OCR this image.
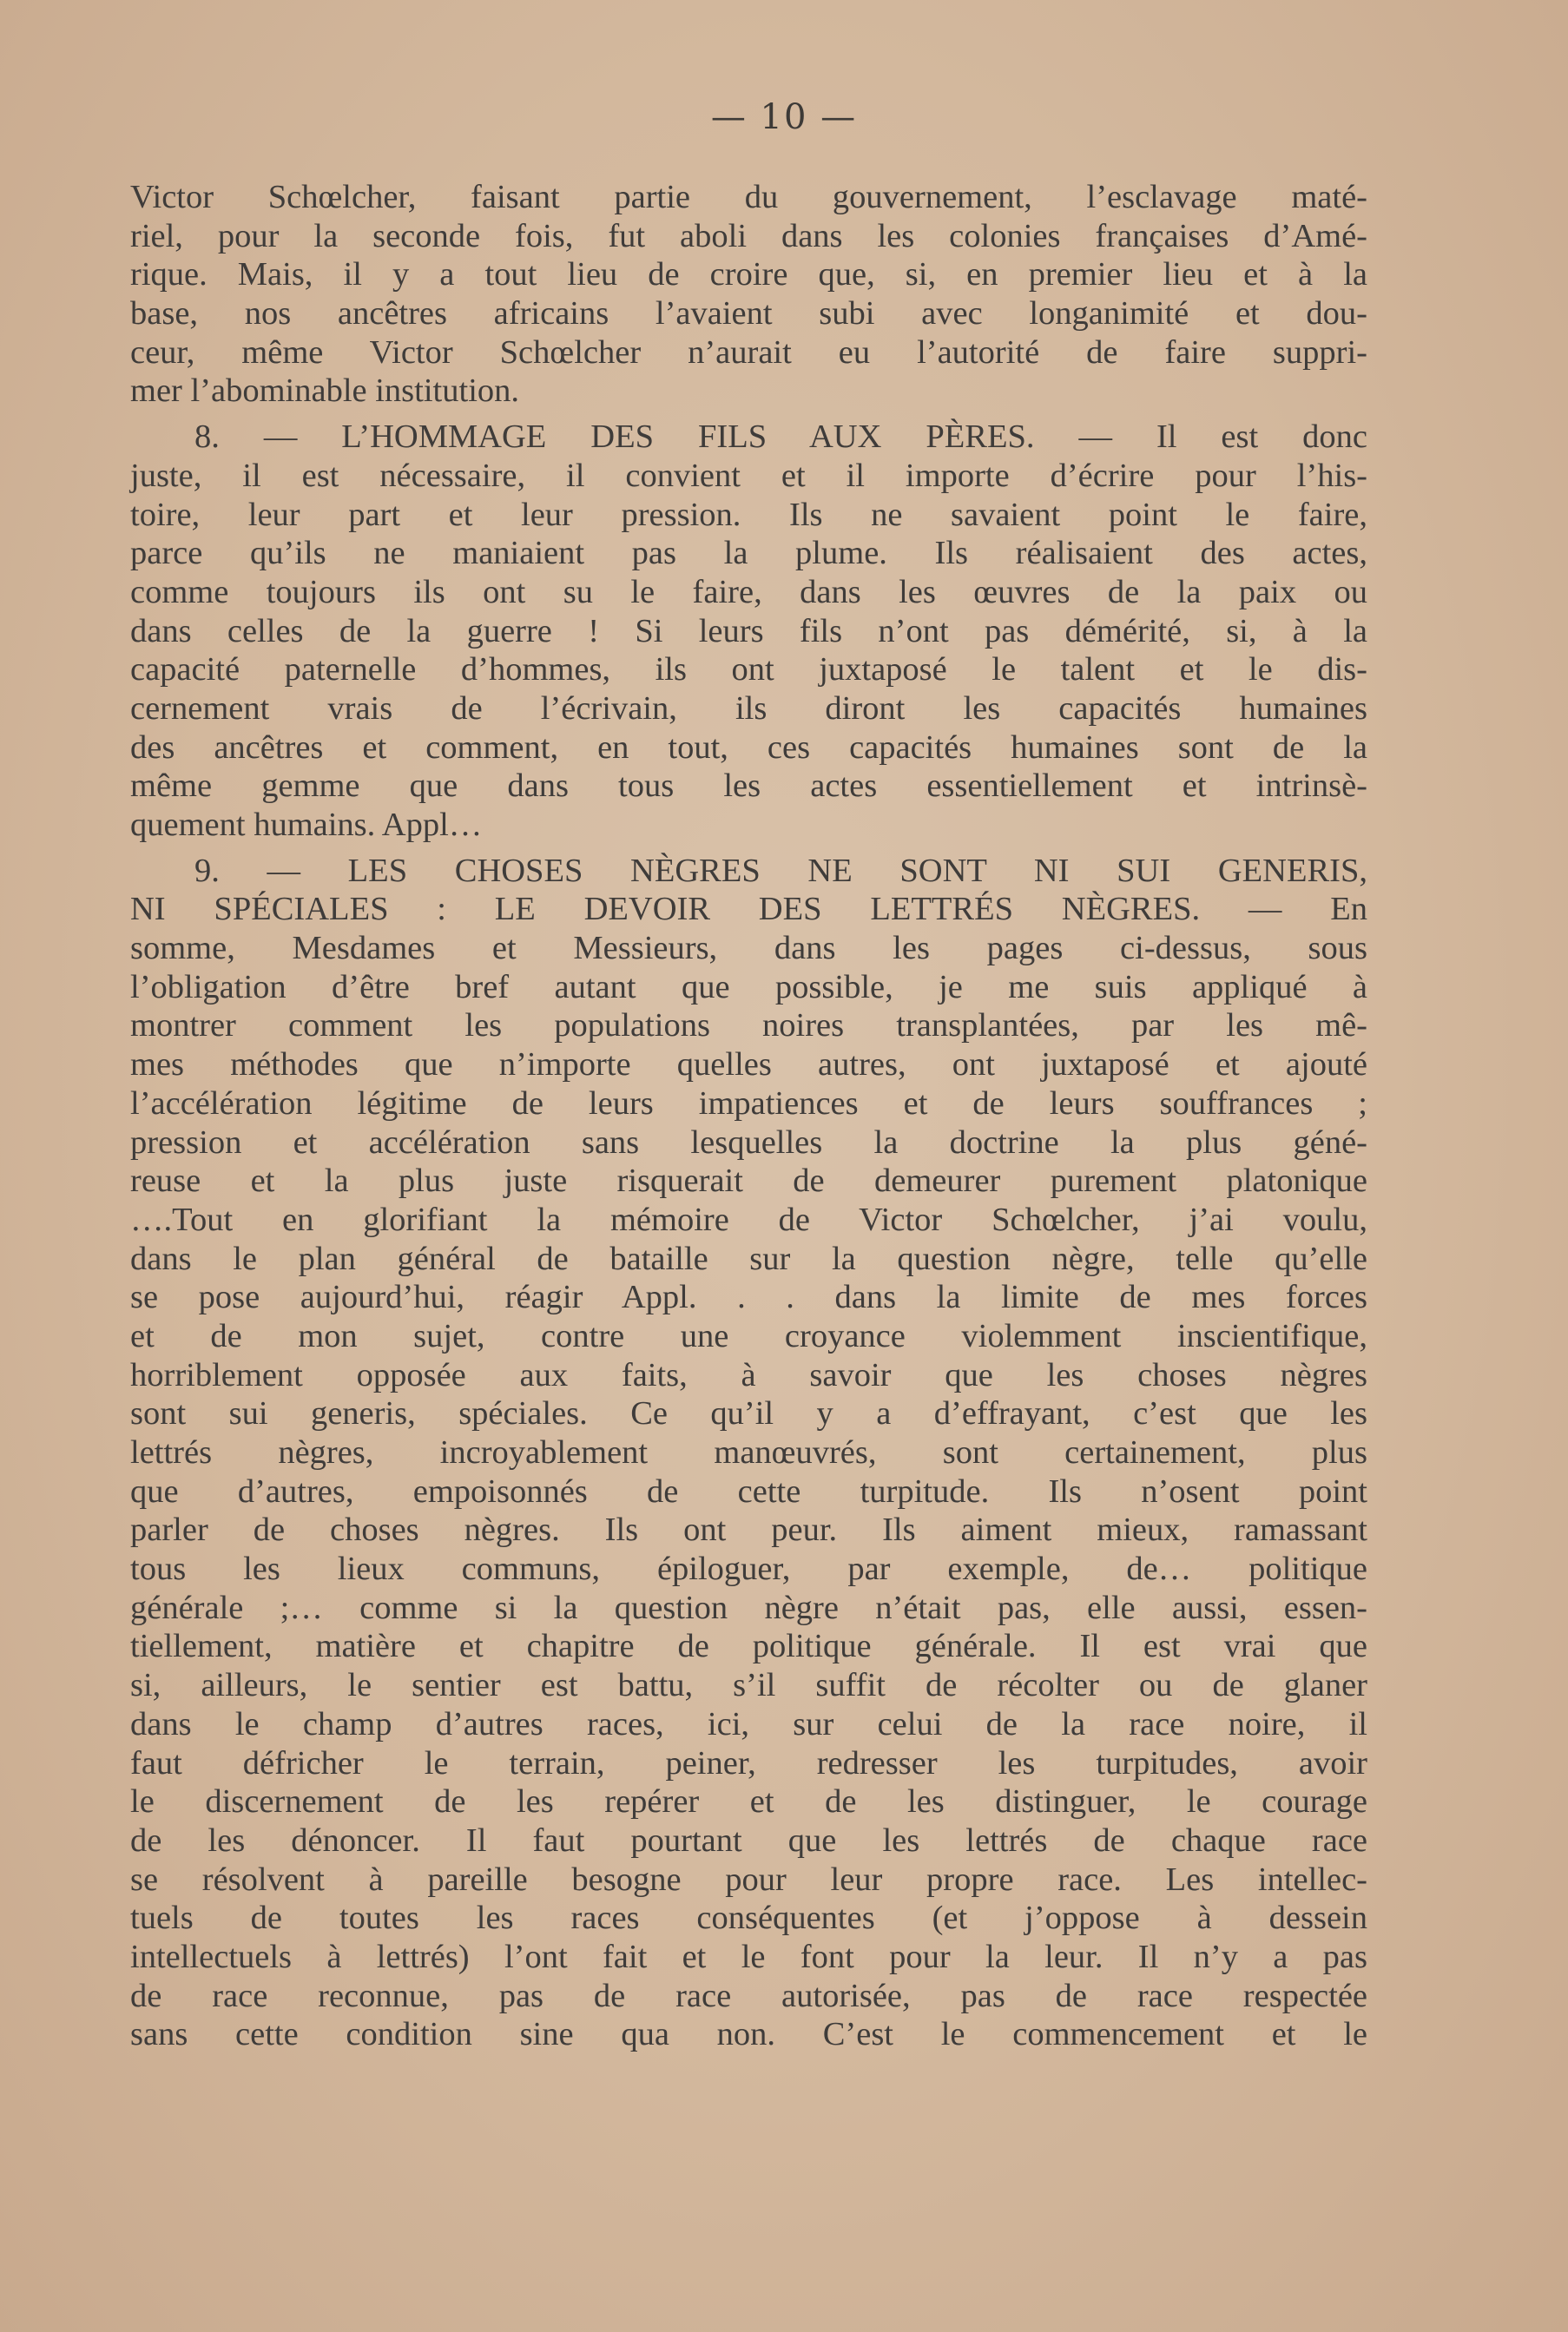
— 10 —
Victor Schœlcher, faisant partie du gouvernement, l’esclavage maté-
riel, pour la seconde fois, fut aboli dans les colonies françaises d’Amé-
rique. Mais, il y a tout lieu de croire que, si, en premier lieu et à la
base, nos ancêtres africains l’avaient subi avec longanimité et dou-
ceur, même Victor Schœlcher n’aurait eu l’autorité de faire suppri-
mer l’abominable institution.
8. — L’HOMMAGE DES FILS AUX PÈRES. — Il est donc
juste, il est nécessaire, il convient et il importe d’écrire pour l’his-
toire, leur part et leur pression. Ils ne savaient point le faire,
parce qu’ils ne maniaient pas la plume. Ils réalisaient des actes,
comme toujours ils ont su le faire, dans les œuvres de la paix ou
dans celles de la guerre ! Si leurs fils n’ont pas démérité, si, à la
capacité paternelle d’hommes, ils ont juxtaposé le talent et le dis-
cernement vrais de l’écrivain, ils diront les capacités humaines
des ancêtres et comment, en tout, ces capacités humaines sont de la
même gemme que dans tous les actes essentiellement et intrinsè-
quement humains. Appl…
9. — LES CHOSES NÈGRES NE SONT NI SUI GENERIS,
NI SPÉCIALES : LE DEVOIR DES LETTRÉS NÈGRES. — En
somme, Mesdames et Messieurs, dans les pages ci-dessus, sous
l’obligation d’être bref autant que possible, je me suis appliqué à
montrer comment les populations noires transplantées, par les mê-
mes méthodes que n’importe quelles autres, ont juxtaposé et ajouté
l’accélération légitime de leurs impatiences et de leurs souffrances ;
pression et accélération sans lesquelles la doctrine la plus géné-
reuse et la plus juste risquerait de demeurer purement platonique
….Tout en glorifiant la mémoire de Victor Schœlcher, j’ai voulu,
dans le plan général de bataille sur la question nègre, telle qu’elle
se pose aujourd’hui, réagir Appl. . . dans la limite de mes forces
et de mon sujet, contre une croyance violemment inscientifique,
horriblement opposée aux faits, à savoir que les choses nègres
sont sui generis, spéciales. Ce qu’il y a d’effrayant, c’est que les
lettrés nègres, incroyablement manœuvrés, sont certainement, plus
que d’autres, empoisonnés de cette turpitude. Ils n’osent point
parler de choses nègres. Ils ont peur. Ils aiment mieux, ramassant
tous les lieux communs, épiloguer, par exemple, de… politique
générale ;… comme si la question nègre n’était pas, elle aussi, essen-
tiellement, matière et chapitre de politique générale. Il est vrai que
si, ailleurs, le sentier est battu, s’il suffit de récolter ou de glaner
dans le champ d’autres races, ici, sur celui de la race noire, il
faut défricher le terrain, peiner, redresser les turpitudes, avoir
le discernement de les repérer et de les distinguer, le courage
de les dénoncer. Il faut pourtant que les lettrés de chaque race
se résolvent à pareille besogne pour leur propre race. Les intellec-
tuels de toutes les races conséquentes (et j’oppose à dessein
intellectuels à lettrés) l’ont fait et le font pour la leur. Il n’y a pas
de race reconnue, pas de race autorisée, pas de race respectée
sans cette condition sine qua non. C’est le commencement et le
